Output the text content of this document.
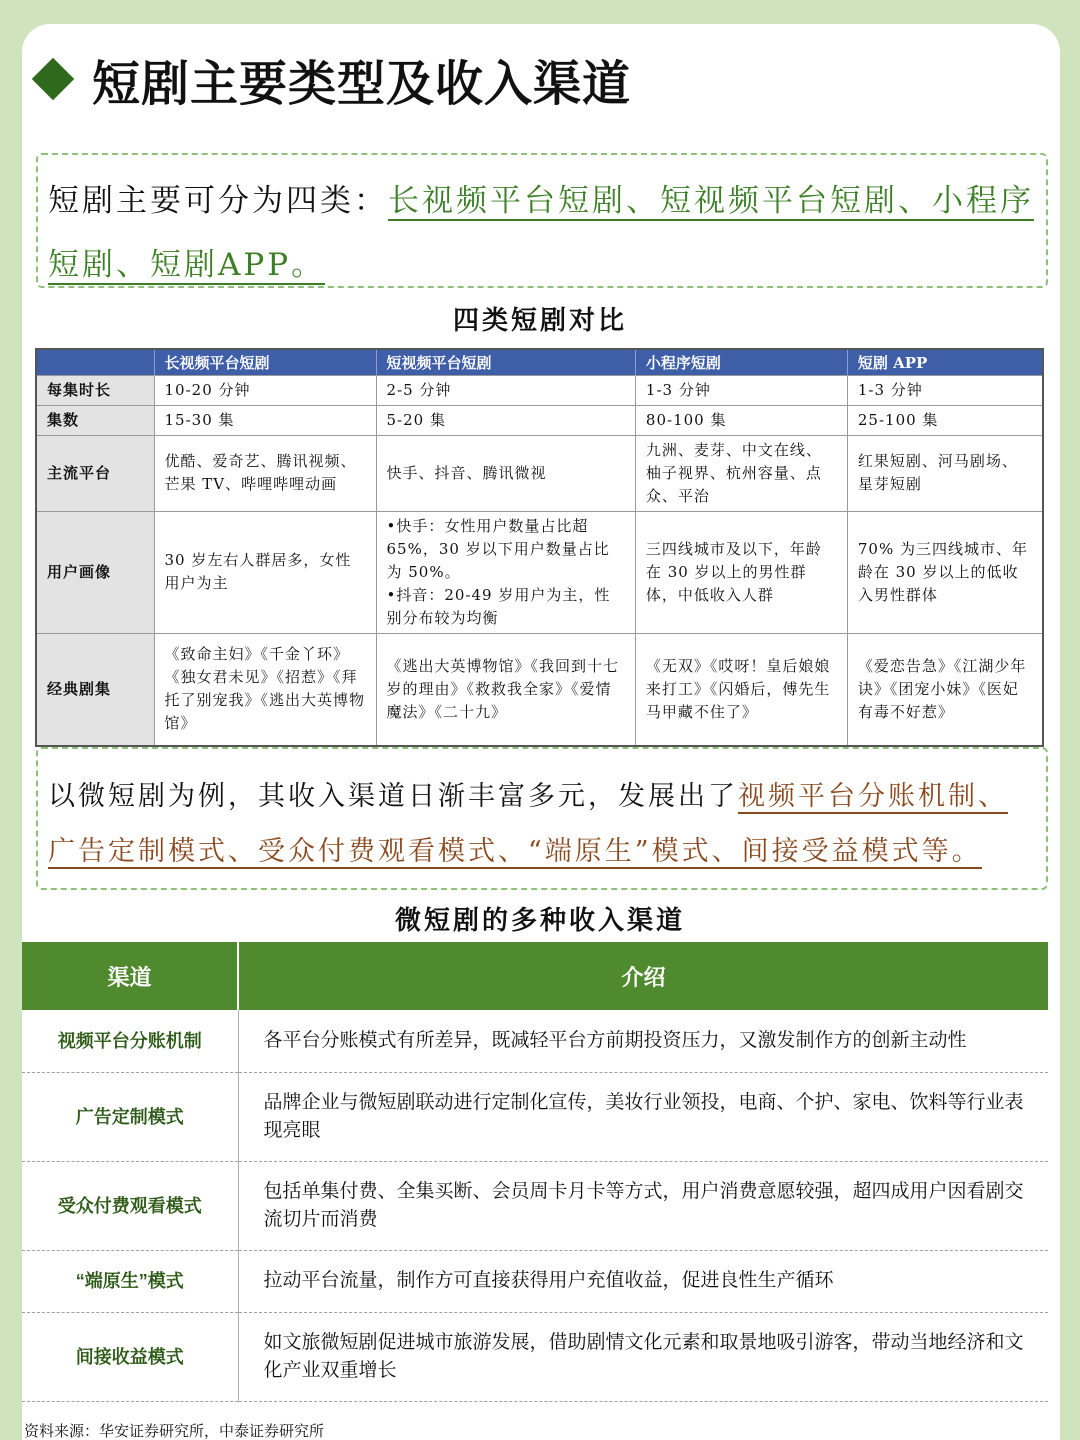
短剧主要类型及收入渠道

短剧主要可分为四类：长视频平台短剧、短视频平台短剧、小程序短剧、短剧APP。

四类短剧对比
	长视频平台短剧	短视频平台短剧	小程序短剧	短剧 APP
每集时长	10-20 分钟	2-5 分钟	1-3 分钟	1-3 分钟
集数	15-30 集	5-20 集	80-100 集	25-100 集
主流平台	优酷、爱奇艺、腾讯视频、芒果 TV、哔哩哔哩动画	快手、抖音、腾讯微视	九洲、麦芽、中文在线、柚子视界、杭州容量、点众、平治	红果短剧、河马剧场、星芽短剧
用户画像	30 岁左右人群居多，女性用户为主	•快手：女性用户数量占比超 65%，30 岁以下用户数量占比为 50%。
•抖音：20-49 岁用户为主，性别分布较为均衡	三四线城市及以下，年龄在 30 岁以上的男性群体，中低收入人群	70% 为三四线城市、年龄在 30 岁以上的低收入男性群体
经典剧集	《致命主妇》《千金丫环》《独女君未见》《招惹》《拜托了别宠我》《逃出大英博物馆》	《逃出大英博物馆》《我回到十七岁的理由》《救救我全家》《爱情魔法》《二十九》	《无双》《哎呀！皇后娘娘来打工》《闪婚后，傅先生马甲藏不住了》	《爱恋告急》《江湖少年诀》《团宠小妹》《医妃有毒不好惹》

以微短剧为例，其收入渠道日渐丰富多元，发展出了视频平台分账机制、广告定制模式、受众付费观看模式、“端原生”模式、间接受益模式等。

微短剧的多种收入渠道
渠道	介绍
视频平台分账机制	各平台分账模式有所差异，既减轻平台方前期投资压力，又激发制作方的创新主动性
广告定制模式	品牌企业与微短剧联动进行定制化宣传，美妆行业领投，电商、个护、家电、饮料等行业表现亮眼
受众付费观看模式	包括单集付费、全集买断、会员周卡月卡等方式，用户消费意愿较强，超四成用户因看剧交流切片而消费
“端原生”模式	拉动平台流量，制作方可直接获得用户充值收益，促进良性生产循环
间接收益模式	如文旅微短剧促进城市旅游发展，借助剧情文化元素和取景地吸引游客，带动当地经济和文化产业双重增长
资料来源：华安证券研究所，中泰证券研究所
